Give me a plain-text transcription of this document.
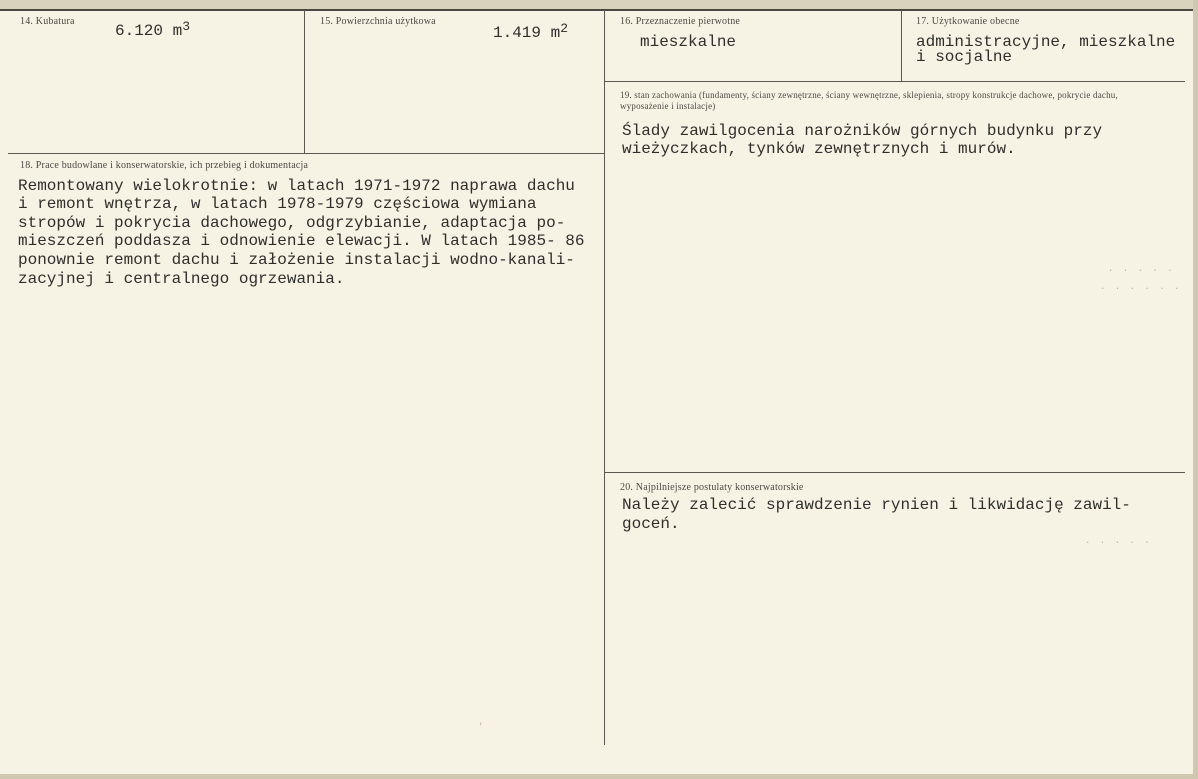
14. Kubatura
6.120 $m^3$	15. Powierzchnia użytkowa
1.419 $m^2$	16. Przeznaczenie pierwotne
mieszkalne
17. Użytkowanie obecne
administracyjne, mieszkalne
i socjalne
19. stan zachowania (fundamenty, ściany zewnętrzne, ściany wewnętrzne, sklepienia, stropy konstrukcje dachowe, pokrycie dachu, wyposażenie i instalacje)
Ślady zawilgocenia narożników górnych budynku przy
wieżyczkach, tynków zewnętrznych i murów.
18. Prace budowlane i konserwatorskie, ich przebieg i dokumentacja
Remontowany wielokrotnie: w latach 1971-1972 naprawa dachu
i remont wnętrza, w latach 1978-1979 częściowa wymiana
stropów i pokrycia dachowego, odgrzybianie, adaptacja po-
mieszczeń poddasza i odnowienie elewacji. W latach 1985- 86
ponownie remont dachu i założenie instalacji wodno-kanali-
zacyjnej i centralnego ogrzewania.
20. Najpilniejsze postulaty konserwatorskie
Należy zalecić sprawdzenie rynien i likwidację zawil-
goceń.
. . . . .
. . . . . .
. . . . .
'
